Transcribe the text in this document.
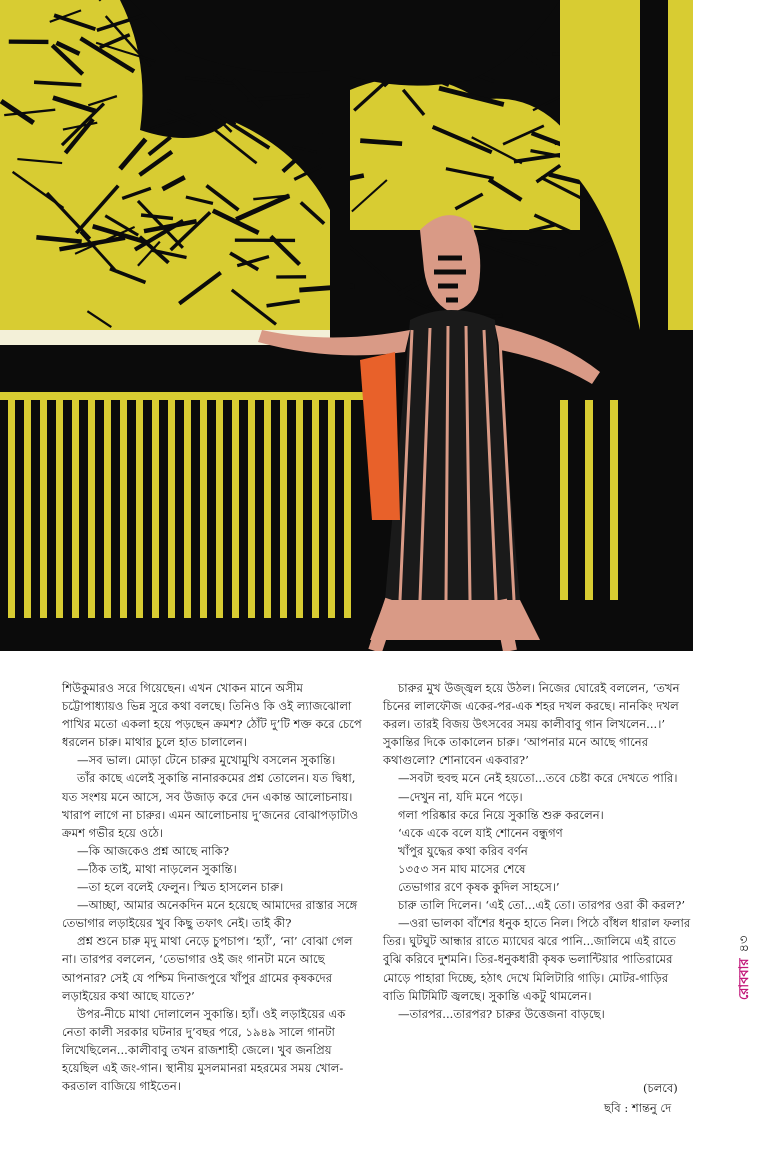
শিউকুমারও সরে গিয়েছেন। এখন খোকন মানে অসীম চট্টোপাধ্যায়ও ভিন্ন সুরে কথা বলছে। তিনিও কি ওই ল্যাজঝোলা পাখির মতো একলা হয়ে পড়ছেন ক্রমশ? ঠোঁট দু’টি শক্ত করে চেপে ধরলেন চারু। মাথার চুলে হাত চালালেন।

—সব ভাল। মোড়া টেনে চারুর মুখোমুখি বসলেন সুকান্তি।

তাঁর কাছে এলেই সুকান্তি নানারকমের প্রশ্ন তোলেন। যত দ্বিধা, যত সংশয় মনে আসে, সব উজাড় করে দেন একান্ত আলোচনায়। খারাপ লাগে না চারুর। এমন আলোচনায় দু’জনের বোঝাপড়াটাও ক্রমশ গভীর হয়ে ওঠে।

—কি আজকেও প্রশ্ন আছে নাকি?

—ঠিক তাই, মাথা নাড়লেন সুকান্তি।

—তা হলে বলেই ফেলুন। স্মিত হাসলেন চারু।

—আচ্ছা, আমার অনেকদিন মনে হয়েছে আমাদের রাস্তার সঙ্গে তেভাগার লড়াইয়ের খুব কিছু তফাৎ নেই। তাই কী?

প্রশ্ন শুনে চারু মৃদু মাথা নেড়ে চুপচাপ। ‘হ্যাঁ’, ‘না’ বোঝা গেল না। তারপর বললেন, ‘তেভাগার ওই জং গানটা মনে আছে আপনার? সেই যে পশ্চিম দিনাজপুরে খাঁপুর গ্রামের কৃষকদের লড়াইয়ের কথা আছে যাতে?’

উপর-নীচে মাথা দোলালেন সুকান্তি। হ্যাঁ। ওই লড়াইয়ের এক নেতা কালী সরকার ঘটনার দু’বছর পরে, ১৯৪৯ সালে গানটা লিখেছিলেন...কালীবাবু তখন রাজশাহী জেলে। খুব জনপ্রিয় হয়েছিল এই জং-গান। স্থানীয় মুসলমানরা মহরমের সময় খোল-করতাল বাজিয়ে গাইতেন।

চারুর মুখ উজ্জ্বল হয়ে উঠল। নিজের ঘোরেই বললেন, ‘তখন চিনের লালফৌজ একের-পর-এক শহর দখল করছে। নানকিং দখল করল। তারই বিজয় উৎসবের সময় কালীবাবু গান লিখলেন...।’ সুকান্তির দিকে তাকালেন চারু। ‘আপনার মনে আছে গানের কথাগুলো? শোনাবেন একবার?’

—সবটা হুবহু মনে নেই হয়তো...তবে চেষ্টা করে দেখতে পারি।

—দেখুন না, যদি মনে পড়ে।

গলা পরিষ্কার করে নিয়ে সুকান্তি শুরু করলেন।

‘একে একে বলে যাই শোনেন বন্ধুগণ

খাঁপুর যুদ্ধের কথা করিব বর্ণন

১৩৫৩ সন মাঘ মাসের শেষে

তেভাগার রণে কৃষক কুদিল সাহসে।’

চারু তালি দিলেন। ‘এই তো...এই তো। তারপর ওরা কী করল?’

—ওরা ভালকা বাঁশের ধনুক হাতে নিল। পিঠে বাঁধল ধারাল ফলার তির। ঘুটঘুট আন্ধার রাতে ম্যাঘের ঝরে পানি...জালিমে এই রাতে বুঝি করিবে দুশমনি। তির-ধনুকধারী কৃষক ভলান্টিয়ার পাতিরামের মোড়ে পাহারা দিচ্ছে, হঠাৎ দেখে মিলিটারি গাড়ি। মোটর-গাড়ির বাতি মিটিমিটি জ্বলছে। সুকান্তি একটু থামলেন।

—তারপর...তারপর? চারুর উত্তেজনা বাড়ছে।

(চলবে)
ছবি : শান্তনু দে
রোববার৪৩
